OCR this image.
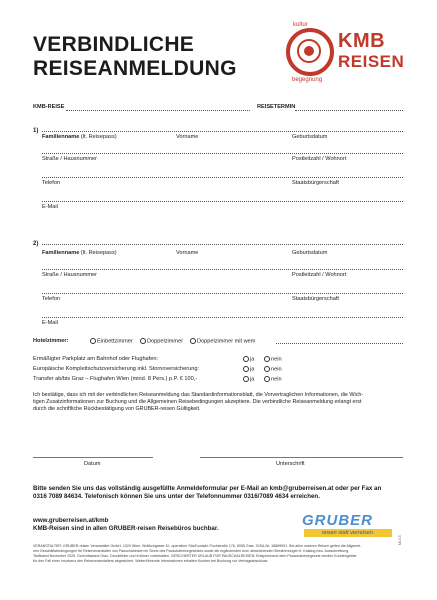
VERBINDLICHE
REISEANMELDUNG
kultur
begegnung
KMB
REISEN
KMB-REISE	REISETERMIN
1)
Familienname (lt. Reisepass)	Vorname	Geburtsdatum
Straße / Hausnummer	Postleitzahl / Wohnort
Telefon	Staatsbürgerschaft
E-Mail
2)
Familienname (lt. Reisepass)	Vorname	Geburtsdatum
Straße / Hausnummer	Postleitzahl / Wohnort
Telefon	Staatsbürgerschaft
E-Mail
Hotelzimmer:	Einbettzimmer	Doppelzimmer	Doppelzimmer mit wem
Ermäßigter Parkplatz am Bahnhof oder Flughafen:	ja	nein
Europäische Komplettschutzversicherung inkl. Stornoversicherung:	ja	nein
Transfer ab/bis Graz – Flughafen Wien (mind. 8 Pers.) p.P. € 100,-	ja	nein
Ich bestätige, dass ich mit der verbindlichen Reiseanmeldung das Standardinformationsblatt, die Vorvertraglichen Informationen, die Wich-
tigen Zusatzinformationen zur Buchung und die Allgemeinen Reisebedingungen akzeptiere. Die verbindliche Reiseanmeldung erlangt erst
durch die schriftliche Rückbestätigung von GRUBER-reisen Gültigkeit.
Datum	Unterschrift
Bitte senden Sie uns das vollständig ausgefüllte Anmeldeformular per E-Mail an kmb@gruberreisen.at oder per Fax an
0316 7089 84634. Telefonisch können Sie uns unter der Telefonnummer 0316/7089 4634 erreichen.
www.gruberreisen.at/kmb
KMB-Reisen sind in allen GRUBER-reisen Reisebüros buchbar.	GRUBER
reisen statt verreisen.
VERANSTALTER: GRUBER-reisen Veranstalter GmbH, 1020 Wien, Wolfkchgasse 10, operativer Sitz/Kontakt: Puchstraße 176, 8055 Graz, GISA-Nr. 18889591. Bei allen unseren Reisen gelten die Allgemei-
nen Geschäftsbedingungen für Reiseveranstalter von Pauschalreisen im Sinne des Pauschalreisegesetzes sowie die ergänzenden bzw. abweichenden Bestimmungen lt. Katalog bzw. Ausschreibung.
Tarifstand November 2025. Gerichtsstand Graz. Druckfehler und Irrtümer vorbehalten. GESICHERTER URLAUB FÜR PAUSCHALREISEN: Entsprechend dem Pauschalreisegesetz werden Kundengelder
für den Fall einer Insolvenz des Reiseveranstalters abgesichert. Weiterführende Informationen erhalten Kunden bei Buchung vor Vertragsabschluss.
ML/15
